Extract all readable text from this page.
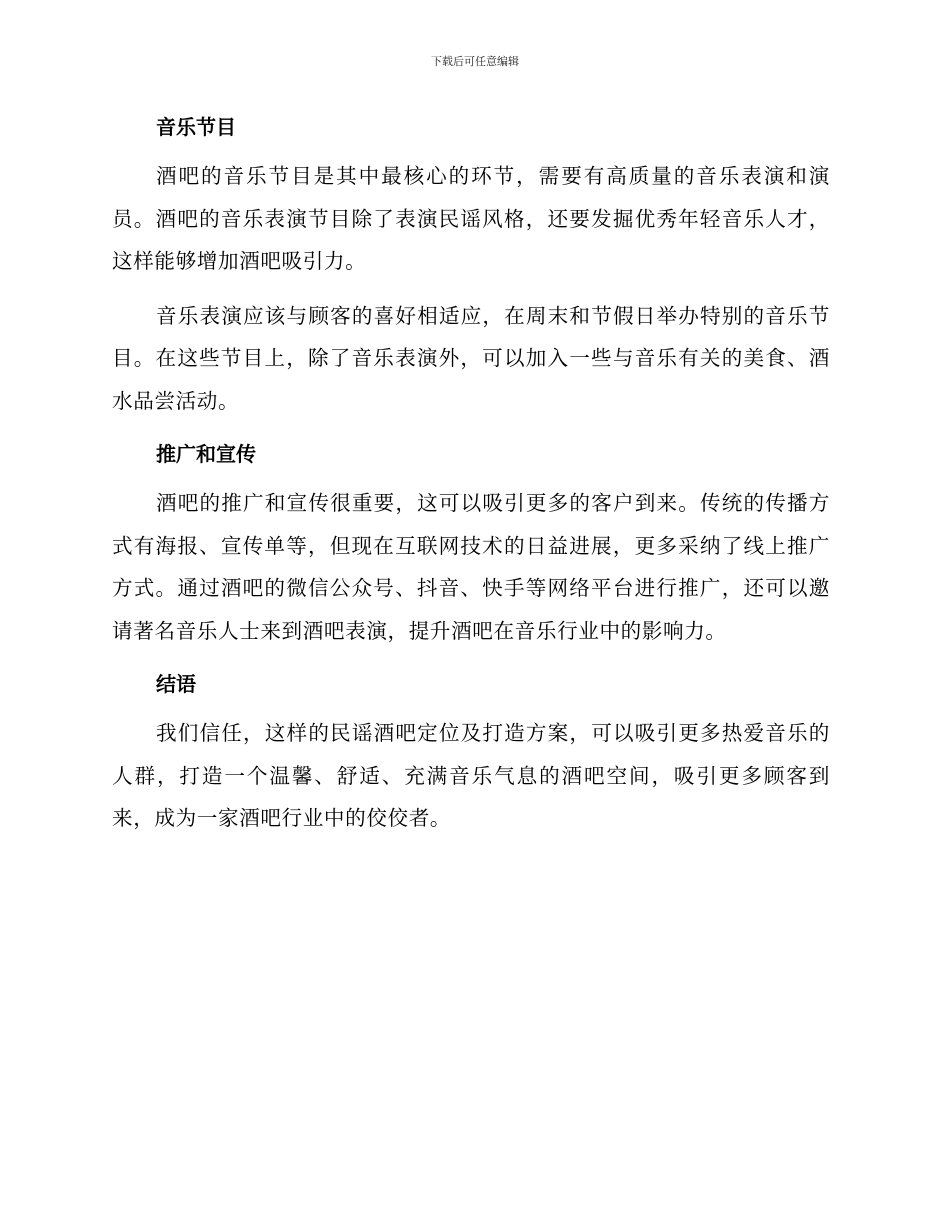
下载后可任意编辑
音乐节目

酒吧的音乐节目是其中最核心的环节，需要有高质量的音乐表演和演员。酒吧的音乐表演节目除了表演民谣风格，还要发掘优秀年轻音乐人才，这样能够增加酒吧吸引力。

音乐表演应该与顾客的喜好相适应，在周末和节假日举办特别的音乐节目。在这些节目上，除了音乐表演外，可以加入一些与音乐有关的美食、酒水品尝活动。

推广和宣传

酒吧的推广和宣传很重要，这可以吸引更多的客户到来。传统的传播方式有海报、宣传单等，但现在互联网技术的日益进展，更多采纳了线上推广方式。通过酒吧的微信公众号、抖音、快手等网络平台进行推广，还可以邀请著名音乐人士来到酒吧表演，提升酒吧在音乐行业中的影响力。

结语

我们信任，这样的民谣酒吧定位及打造方案，可以吸引更多热爱音乐的人群，打造一个温馨、舒适、充满音乐气息的酒吧空间，吸引更多顾客到来，成为一家酒吧行业中的佼佼者。
